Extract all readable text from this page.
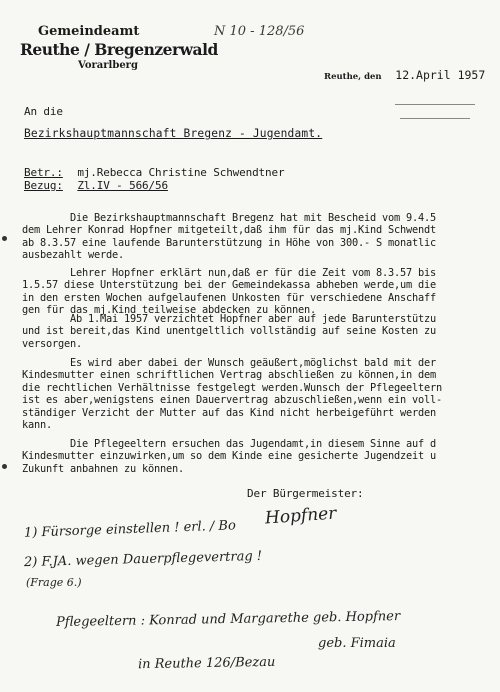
Gemeindeamt
Reuthe / Bregenzerwald
Vorarlberg
N 10 - 128/56
Reuthe, den 12.April 1957
An die
Bezirkshauptmannschaft Bregenz - Jugendamt.
Betr.: mj.Rebecca Christine Schwendtner
Bezug: Zl.IV - 566/56
Die Bezirkshauptmannschaft Bregenz hat mit Bescheid vom 9.4.5
dem Lehrer Konrad Hopfner mitgeteilt,daß ihm für das mj.Kind Schwendt
ab 8.3.57 eine laufende Barunterstützung in Höhe von 300.- S monatlic
ausbezahlt werde.
Lehrer Hopfner erklärt nun,daß er für die Zeit vom 8.3.57 bis
1.5.57 diese Unterstützung bei der Gemeindekassa abheben werde,um die
in den ersten Wochen aufgelaufenen Unkosten für verschiedene Anschaff
gen für das mj.Kind teilweise abdecken zu können.
Ab 1.Mai 1957 verzichtet Hopfner aber auf jede Barunterstützu
und ist bereit,das Kind unentgeltlich vollständig auf seine Kosten zu
versorgen.
Es wird aber dabei der Wunsch geäußert,möglichst bald mit der
Kindesmutter einen schriftlichen Vertrag abschließen zu können,in dem
die rechtlichen Verhältnisse festgelegt werden.Wunsch der Pflegeeltern
ist es aber,wenigstens einen Dauervertrag abzuschließen,wenn ein voll-
ständiger Verzicht der Mutter auf das Kind nicht herbeigeführt werden
kann.
Die Pflegeeltern ersuchen das Jugendamt,in diesem Sinne auf d
Kindesmutter einzuwirken,um so dem Kinde eine gesicherte Jugendzeit u
Zukunft anbahnen zu können.
Der Bürgermeister:
Hopfner
1) Fürsorge einstellen ! erl. / Bo
2) F.JA. wegen Dauerpflegevertrag !
(Frage 6.)
Pflegeeltern : Konrad und Margarethe geb. Hopfner
geb. Fimaia
in Reuthe 126/Bezau
